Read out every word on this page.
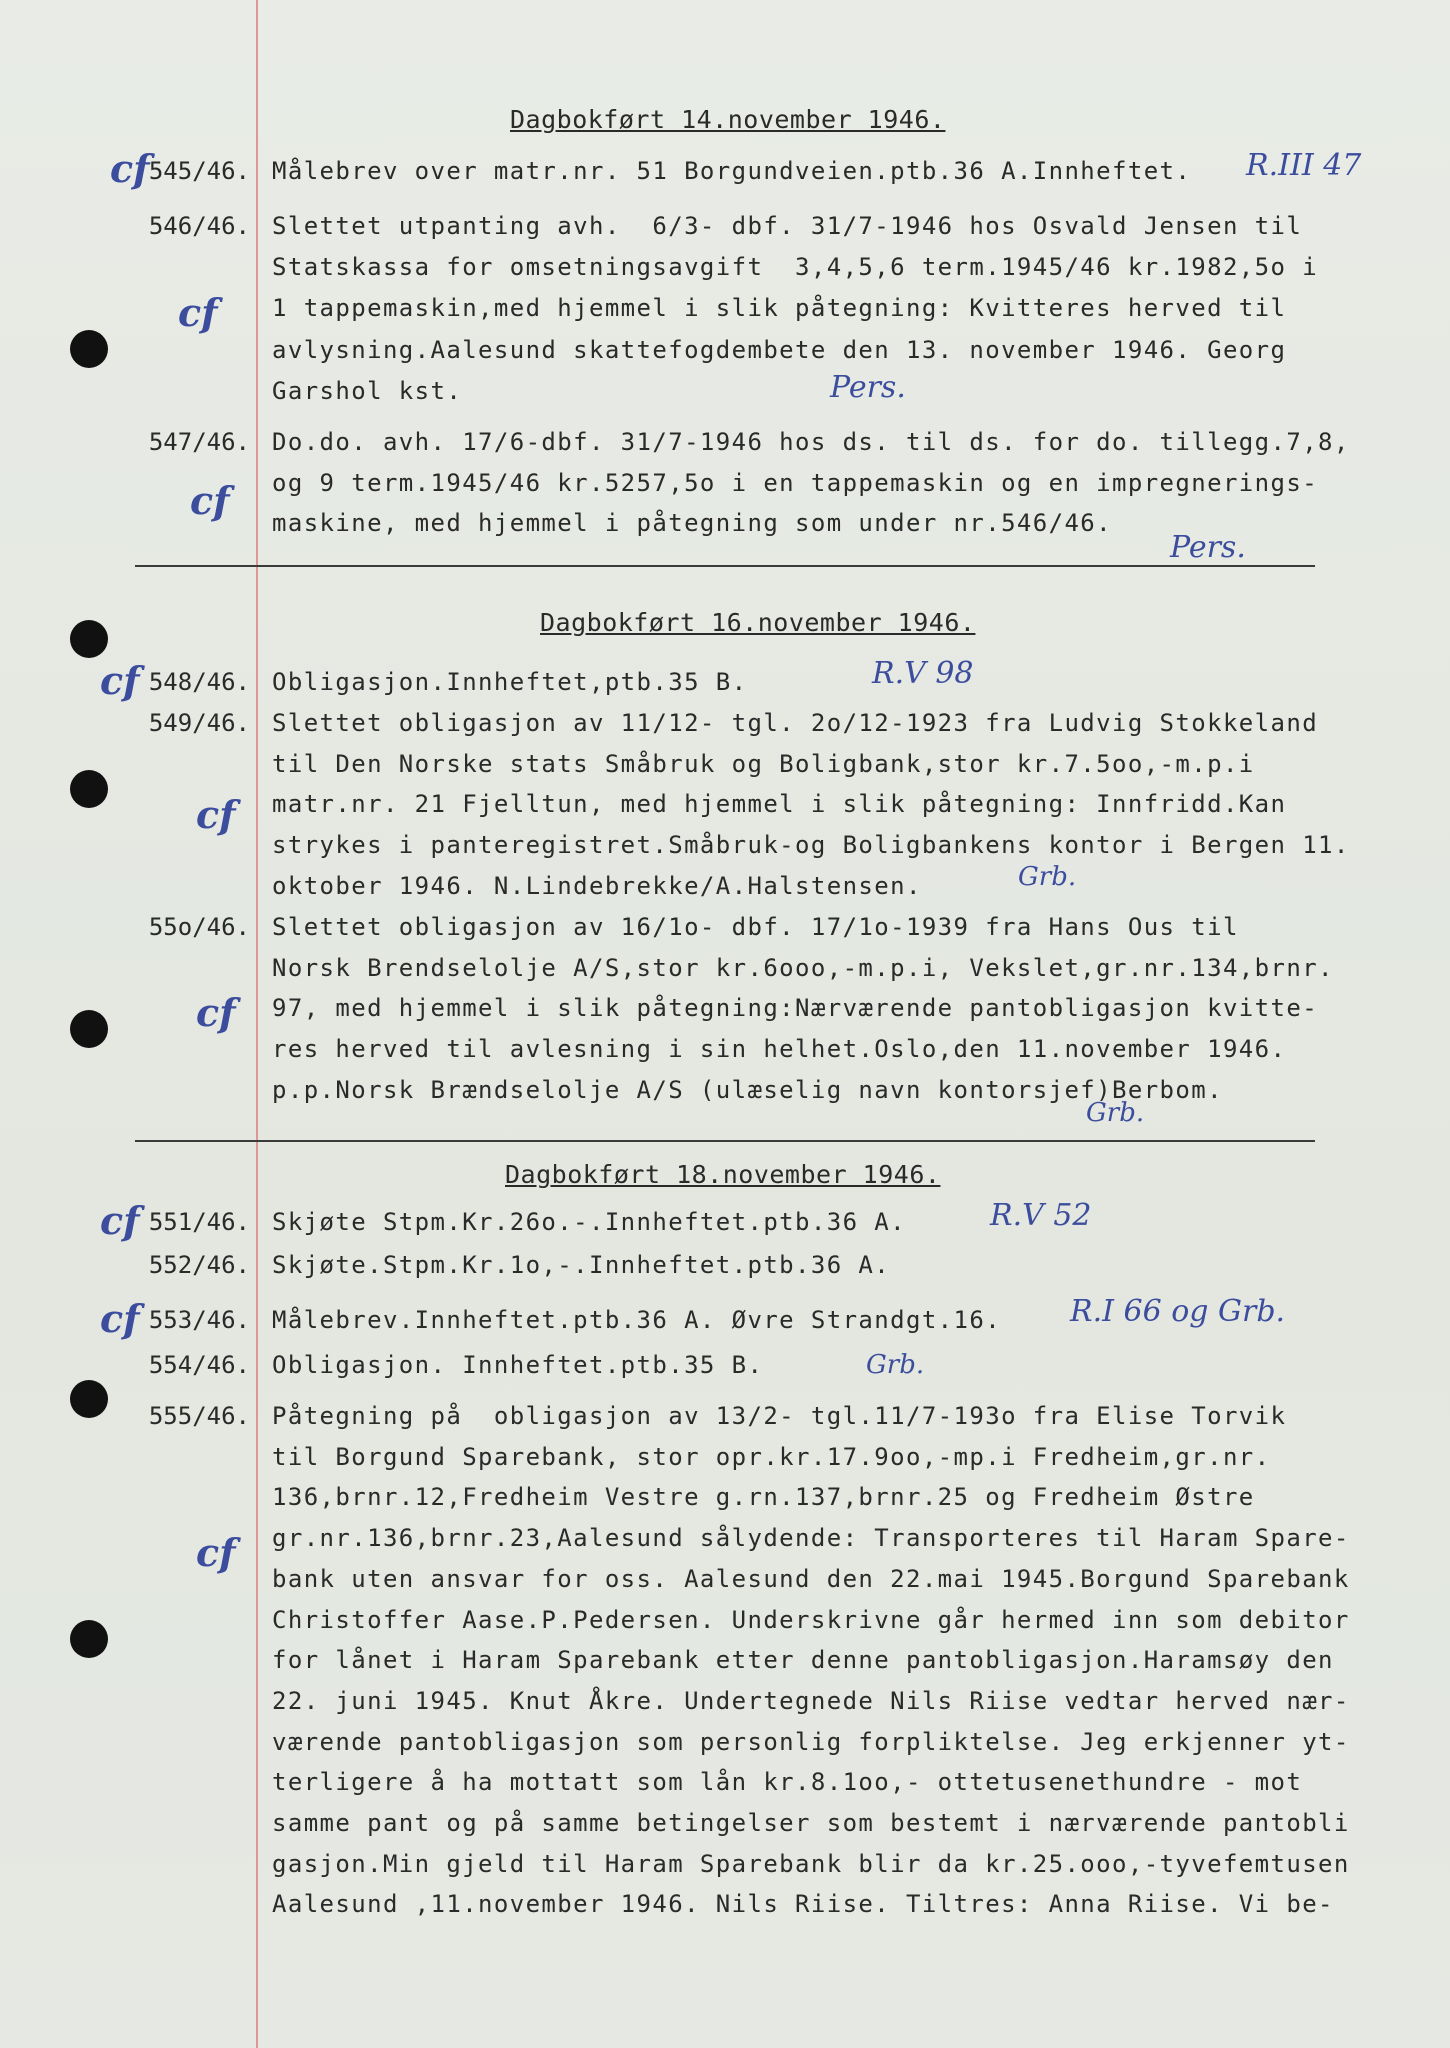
Dagbokført 14.november 1946.
cf 545/46. Målebrev over matr.nr. 51 Borgundveien.ptb.36 A.Innheftet. R.III 47
546/46. Slettet utpanting avh.  6/3- dbf. 31/7-1946 hos Osvald Jensen til
Statskassa for omsetningsavgift  3,4,5,6 term.1945/46 kr.1982,5o i
1 tappemaskin,med hjemmel i slik påtegning: Kvitteres herved til
avlysning.Aalesund skattefogdembete den 13. november 1946. Georg
Garshol kst.
cf
Pers.
547/46. Do.do. avh. 17/6-dbf. 31/7-1946 hos ds. til ds. for do. tillegg.7,8,
og 9 term.1945/46 kr.5257,5o i en tappemaskin og en impregnerings-
maskine, med hjemmel i påtegning som under nr.546/46.
cf
Pers.
Dagbokført 16.november 1946.
cf 548/46. Obligasjon.Innheftet,ptb.35 B.	R.V 98
549/46. Slettet obligasjon av 11/12- tgl. 2o/12-1923 fra Ludvig Stokkeland
til Den Norske stats Småbruk og Boligbank,stor kr.7.5oo,-m.p.i
matr.nr. 21 Fjelltun, med hjemmel i slik påtegning: Innfridd.Kan
strykes i panteregistret.Småbruk-og Boligbankens kontor i Bergen 11.
oktober 1946. N.Lindebrekke/A.Halstensen.
cf
Grb.
55o/46. Slettet obligasjon av 16/1o- dbf. 17/1o-1939 fra Hans Ous til
Norsk Brendselolje A/S,stor kr.6ooo,-m.p.i, Vekslet,gr.nr.134,brnr.
97, med hjemmel i slik påtegning:Nærværende pantobligasjon kvitte-
res herved til avlesning i sin helhet.Oslo,den 11.november 1946.
p.p.Norsk Brændselolje A/S (ulæselig navn kontorsjef)Berbom.
cf
Grb.
Dagbokført 18.november 1946.
cf 551/46. Skjøte Stpm.Kr.26o.-.Innheftet.ptb.36 A.	R.V 52
552/46. Skjøte.Stpm.Kr.1o,-.Innheftet.ptb.36 A.
cf 553/46. Målebrev.Innheftet.ptb.36 A. Øvre Strandgt.16. R.I 66 og Grb.
554/46. Obligasjon. Innheftet.ptb.35 B.	Grb.
555/46. Påtegning på  obligasjon av 13/2- tgl.11/7-193o fra Elise Torvik
til Borgund Sparebank, stor opr.kr.17.9oo,-mp.i Fredheim,gr.nr.
136,brnr.12,Fredheim Vestre g.rn.137,brnr.25 og Fredheim Østre
gr.nr.136,brnr.23,Aalesund sålydende: Transporteres til Haram Spare-
bank uten ansvar for oss. Aalesund den 22.mai 1945.Borgund Sparebank
Christoffer Aase.P.Pedersen. Underskrivne går hermed inn som debitor
for lånet i Haram Sparebank etter denne pantobligasjon.Haramsøy den
22. juni 1945. Knut Åkre. Undertegnede Nils Riise vedtar herved nær-
værende pantobligasjon som personlig forpliktelse. Jeg erkjenner yt-
terligere å ha mottatt som lån kr.8.1oo,- ottetusenethundre - mot
samme pant og på samme betingelser som bestemt i nærværende pantobli
gasjon.Min gjeld til Haram Sparebank blir da kr.25.ooo,-tyvefemtusen
Aalesund ,11.november 1946. Nils Riise. Tiltres: Anna Riise. Vi be-
cf
